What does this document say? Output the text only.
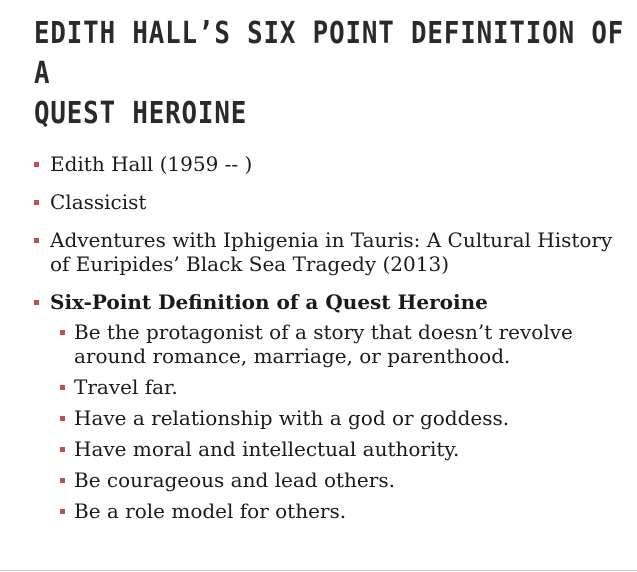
EDITH HALL’S SIX POINT DEFINITION OF A
QUEST HEROINE
Edith Hall (1959 -- )
Classicist
Adventures with Iphigenia in Tauris: A Cultural History of Euripides’ Black Sea Tragedy (2013)
Six-Point Definition of a Quest Heroine
Be the protagonist of a story that doesn’t revolve around romance, marriage, or parenthood.
Travel far.
Have a relationship with a god or goddess.
Have moral and intellectual authority.
Be courageous and lead others.
Be a role model for others.
